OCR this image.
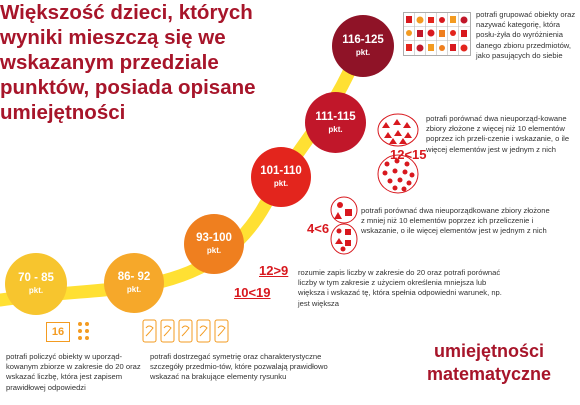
Większość dzieci, których wyniki mieszczą się we wskazanym przedziale punktów, posiada opisane umiejętności
70 - 85
pkt.
86- 92
pkt.
93-100
pkt.
101-110
pkt.
111-115
pkt.
116-125
pkt.
potrafi grupować obiekty oraz nazywać kategorię, która posłu-żyła do wyróżnienia danego zbioru przedmiotów, jako pasujących do siebie
potrafi porównać dwa nieuporząd-kowane zbiory złożone z więcej niż 10 elementów poprzez ich przeli-czenie i wskazanie, o ile więcej elementów jest w jednym z nich
12<15
4<6
potrafi porównać dwa nieuporządkowane zbiory złożone z mniej niż 10 elementów poprzez ich przeliczenie i wskazanie, o ile więcej elementów jest w jednym z nich
12>9
10<19
rozumie zapis liczby w zakresie do 20 oraz potrafi porównać liczby w tym zakresie z użyciem określenia mniejsza lub większa i wskazać tę, która spełnia odpowiedni warunek, np. jest większa
potrafi dostrzegać symetrię oraz charakterystyczne szczegóły przedmio-tów, które pozwalają prawidłowo wskazać na brakujące elementy rysunku
16
potrafi policzyć obiekty w uporząd-kowanym zbiorze w zakresie do 20 oraz wskazać liczbę, która jest zapisem prawidłowej odpowiedzi
umiejętności
matematyczne
